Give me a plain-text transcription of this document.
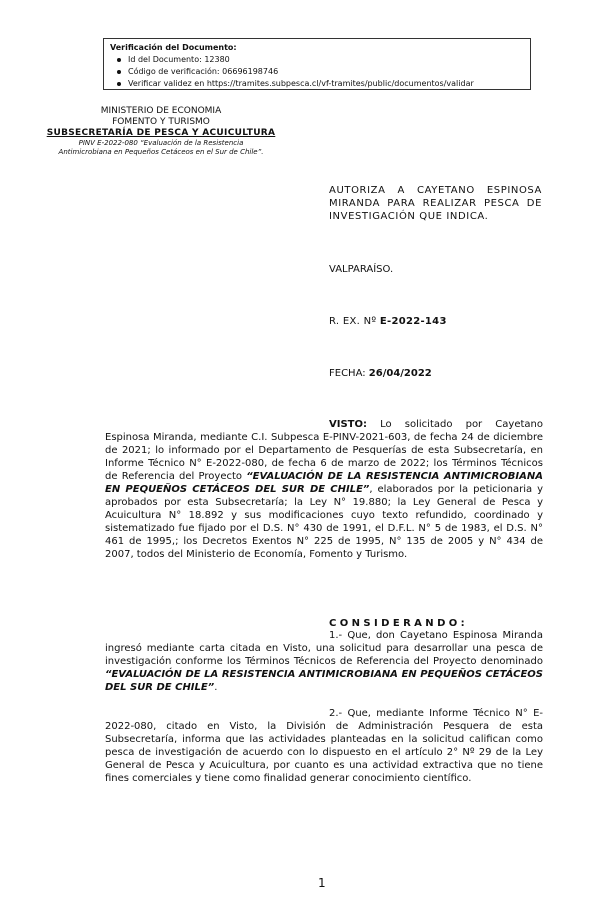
Verificación del Documento:
Id del Documento: 12380
Código de verificación: 06696198746
Verificar validez en https://tramites.subpesca.cl/vf-tramites/public/documentos/validar
MINISTERIO DE ECONOMIA
FOMENTO Y TURISMO
SUBSECRETARÍA DE PESCA Y ACUICULTURA
PINV E-2022-080 “Evaluación de la Resistencia
Antimicrobiana en Pequeños Cetáceos en el Sur de Chile”.
AUTORIZA A CAYETANO ESPINOSA MIRANDA PARA REALIZAR PESCA DE INVESTIGACIÓN QUE INDICA.
VALPARAÍSO.
R. EX. Nº E-2022-143
FECHA: 26/04/2022
VISTO: Lo solicitado por Cayetano Espinosa Miranda, mediante C.I. Subpesca E-PINV-2021-603, de fecha 24 de diciembre de 2021; lo informado por el Departamento de Pesquerías de esta Subsecretaría, en Informe Técnico N° E-2022-080, de fecha 6 de marzo de 2022; los Términos Técnicos de Referencia del Proyecto “EVALUACIÓN DE LA RESISTENCIA ANTIMICROBIANA EN PEQUEÑOS CETÁCEOS DEL SUR DE CHILE”, elaborados por la peticionaria y aprobados por esta Subsecretaría; la Ley N° 19.880; la Ley General de Pesca y Acuicultura N° 18.892 y sus modificaciones cuyo texto refundido, coordinado y sistematizado fue fijado por el D.S. N° 430 de 1991, el D.F.L. N° 5 de 1983, el D.S. N° 461 de 1995,; los Decretos Exentos N° 225 de 1995, N° 135 de 2005 y N° 434 de 2007, todos del Ministerio de Economía, Fomento y Turismo.
CONSIDERANDO:
1.- Que, don Cayetano Espinosa Miranda ingresó mediante carta citada en Visto, una solicitud para desarrollar una pesca de investigación conforme los Términos Técnicos de Referencia del Proyecto denominado “EVALUACIÓN DE LA RESISTENCIA ANTIMICROBIANA EN PEQUEÑOS CETÁCEOS DEL SUR DE CHILE”.
2.- Que, mediante Informe Técnico N° E-2022-080, citado en Visto, la División de Administración Pesquera de esta Subsecretaría, informa que las actividades planteadas en la solicitud califican como pesca de investigación de acuerdo con lo dispuesto en el artículo 2° Nº 29 de la Ley General de Pesca y Acuicultura, por cuanto es una actividad extractiva que no tiene fines comerciales y tiene como finalidad generar conocimiento científico.
1
